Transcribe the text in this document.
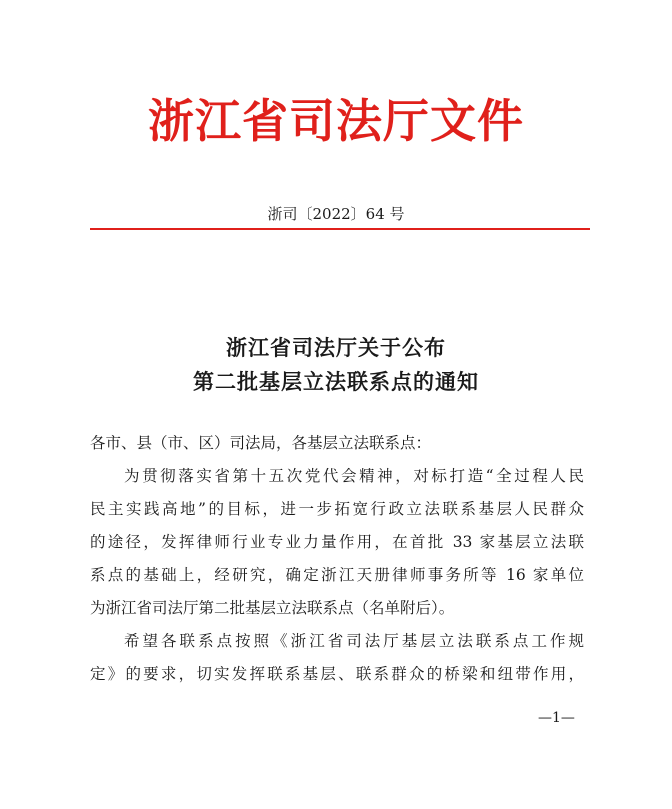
浙江省司法厅文件
浙司〔2022〕64 号
浙江省司法厅关于公布
第二批基层立法联系点的通知
各市、县（市、区）司法局，各基层立法联系点：
为贯彻落实省第十五次党代会精神，对标打造“全过程人民
民主实践高地”的目标，进一步拓宽行政立法联系基层人民群众
的途径，发挥律师行业专业力量作用，在首批 33 家基层立法联
系点的基础上，经研究，确定浙江天册律师事务所等 16 家单位
为浙江省司法厅第二批基层立法联系点（名单附后）。
希望各联系点按照《浙江省司法厅基层立法联系点工作规
定》的要求，切实发挥联系基层、联系群众的桥梁和纽带作用，
—1—
